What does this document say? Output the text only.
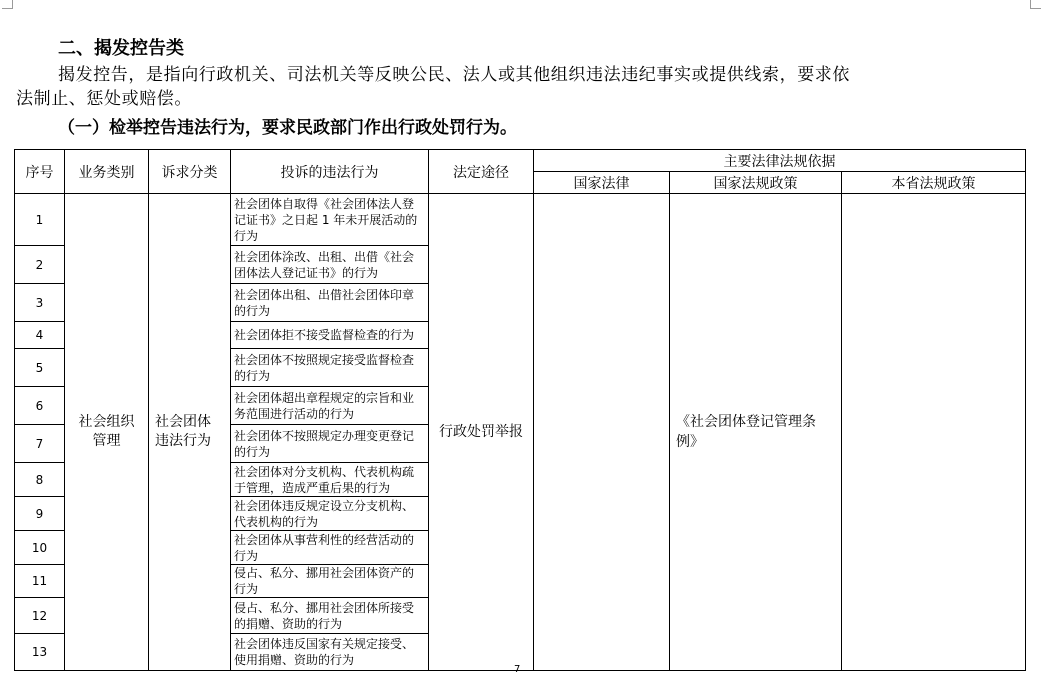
二、揭发控告类
揭发控告，是指向行政机关、司法机关等反映公民、法人或其他组织违法违纪事实或提供线索，要求依
法制止、惩处或赔偿。
（一）检举控告违法行为，要求民政部门作出行政处罚行为。
序号	业务类别	诉求分类	投诉的违法行为	法定途径	主要法律法规依据		
					国家法律	国家法规政策	本省法规政策
1	社会组织管理	社会团体违法行为	社会团体自取得《社会团体法人登记证书》之日起 1 年未开展活动的行为	行政处罚举报		《社会团体登记管理条例》	
2			社会团体涂改、出租、出借《社会团体法人登记证书》的行为				
3			社会团体出租、出借社会团体印章的行为				
4			社会团体拒不接受监督检查的行为				
5			社会团体不按照规定接受监督检查的行为				
6			社会团体超出章程规定的宗旨和业务范围进行活动的行为				
7			社会团体不按照规定办理变更登记的行为				
8			社会团体对分支机构、代表机构疏于管理，造成严重后果的行为				
9			社会团体违反规定设立分支机构、代表机构的行为				
10			社会团体从事营利性的经营活动的行为				
11			侵占、私分、挪用社会团体资产的行为				
12			侵占、私分、挪用社会团体所接受的捐赠、资助的行为				
13			社会团体违反国家有关规定接受、使用捐赠、资助的行为				
7
